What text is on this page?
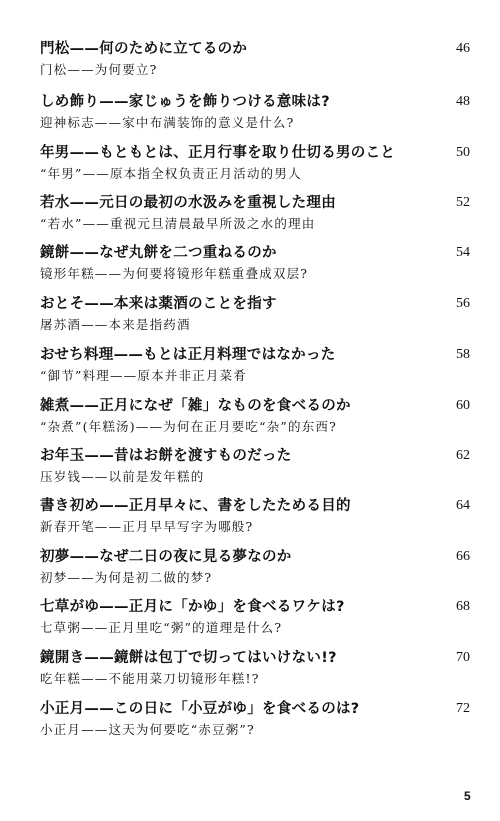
門松——何のために立てるのか
门松——为何要立?
46
しめ飾り——家じゅうを飾りつける意味は?
迎神标志——家中布满装饰的意义是什么?
48
年男——もともとは、正月行事を取り仕切る男のこと
“年男”——原本指全权负责正月活动的男人
50
若水——元日の最初の水汲みを重視した理由
“若水”——重视元旦清晨最早所汲之水的理由
52
鏡餅——なぜ丸餅を二つ重ねるのか
镜形年糕——为何要将镜形年糕重叠成双层?
54
おとそ——本来は薬酒のことを指す
屠苏酒——本来是指药酒
56
おせち料理——もとは正月料理ではなかった
“御节”料理——原本并非正月菜肴
58
雑煮——正月になぜ「雑」なものを食べるのか
“杂煮”(年糕汤)——为何在正月要吃“杂”的东西?
60
お年玉——昔はお餅を渡すものだった
压岁钱——以前是发年糕的
62
書き初め——正月早々に、書をしたためる目的
新春开笔——正月早早写字为哪般?
64
初夢——なぜ二日の夜に見る夢なのか
初梦——为何是初二做的梦?
66
七草がゆ——正月に「かゆ」を食べるワケは?
七草粥——正月里吃“粥”的道理是什么?
68
鏡開き——鏡餅は包丁で切ってはいけない!?
吃年糕——不能用菜刀切镜形年糕!?
70
小正月——この日に「小豆がゆ」を食べるのは?
小正月——这天为何要吃“赤豆粥”?
72
5
